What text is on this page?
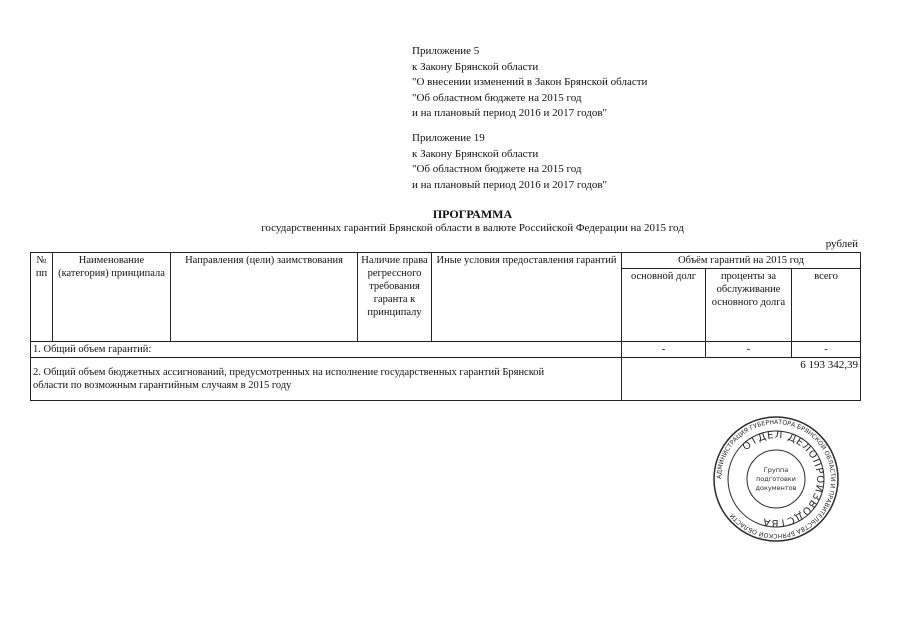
Приложение 5
к Закону Брянской области
"О внесении изменений в Закон Брянской области
"Об областном бюджете на 2015 год
и на плановый период 2016 и 2017 годов"
Приложение 19
к Закону Брянской области
"Об областном бюджете на 2015 год
и на плановый период 2016 и 2017 годов"
ПРОГРАММА
государственных гарантий Брянской области в валюте Российской Федерации на 2015 год
рублей
№ пп	Наименование (категория) принципала	Направления (цели) заимствования	Наличие права регрессного требования гаранта к принципалу	Иные условия предоставления гарантий	Объём гарантий на 2015 год		
					основной долг	проценты за обслуживание основного долга	всего
1. Общий объем гарантий:					-	-	-
2. Общий объем бюджетных ассигнований, предусмотренных на исполнение государственных гарантий Брянской области по возможным гарантийным случаям в 2015 году					6 193 342,39		
АДМИНИСТРАЦИЯ ГУБЕРНАТОРА БРЯНСКОЙ ОБЛАСТИ И ПРАВИТЕЛЬСТВА БРЯНСКОЙ ОБЛАСТИ
ОТДЕЛ ДЕЛОПРОИЗВОДСТВА
Группа
подготовки
документов
